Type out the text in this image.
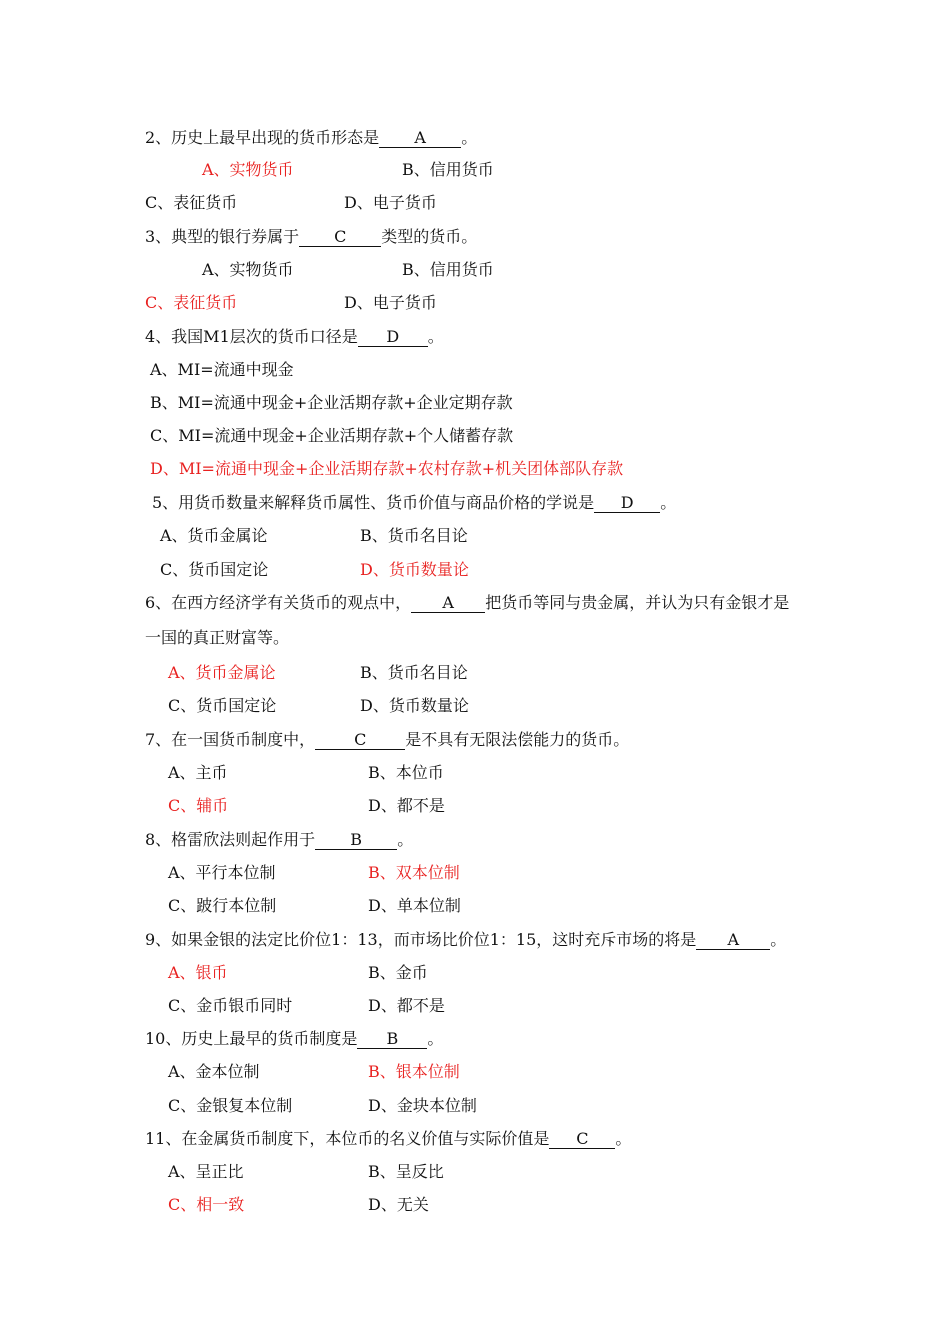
2、历史上最早出现的货币形态是 A 。
A、实物货币	B、信用货币
C、表征货币	D、电子货币
3、典型的银行券属于 C 类型的货币。
A、实物货币	B、信用货币
C、表征货币	D、电子货币
4、我国M1层次的货币口径是 D 。
A、MI=流通中现金
B、MI=流通中现金+企业活期存款+企业定期存款
C、MI=流通中现金+企业活期存款+个人储蓄存款
D、MI=流通中现金+企业活期存款+农村存款+机关团体部队存款
5、用货币数量来解释货币属性、货币价值与商品价格的学说是 D 。
A、货币金属论	B、货币名目论
C、货币国定论	D、货币数量论
6、在西方经济学有关货币的观点中， A 把货币等同与贵金属，并认为只有金银才是
一国的真正财富等。
A、货币金属论	B、货币名目论
C、货币国定论	D、货币数量论
7、在一国货币制度中， C 是不具有无限法偿能力的货币。
A、主币	B、本位币
C、辅币	D、都不是
8、格雷欣法则起作用于 B 。
A、平行本位制	B、双本位制
C、跛行本位制	D、单本位制
9、如果金银的法定比价位1：13，而市场比价位1：15，这时充斥市场的将是 A 。
A、银币	B、金币
C、金币银币同时	D、都不是
10、历史上最早的货币制度是 B 。
A、金本位制	B、银本位制
C、金银复本位制	D、金块本位制
11、在金属货币制度下，本位币的名义价值与实际价值是 C 。
A、呈正比	B、呈反比
C、相一致	D、无关
